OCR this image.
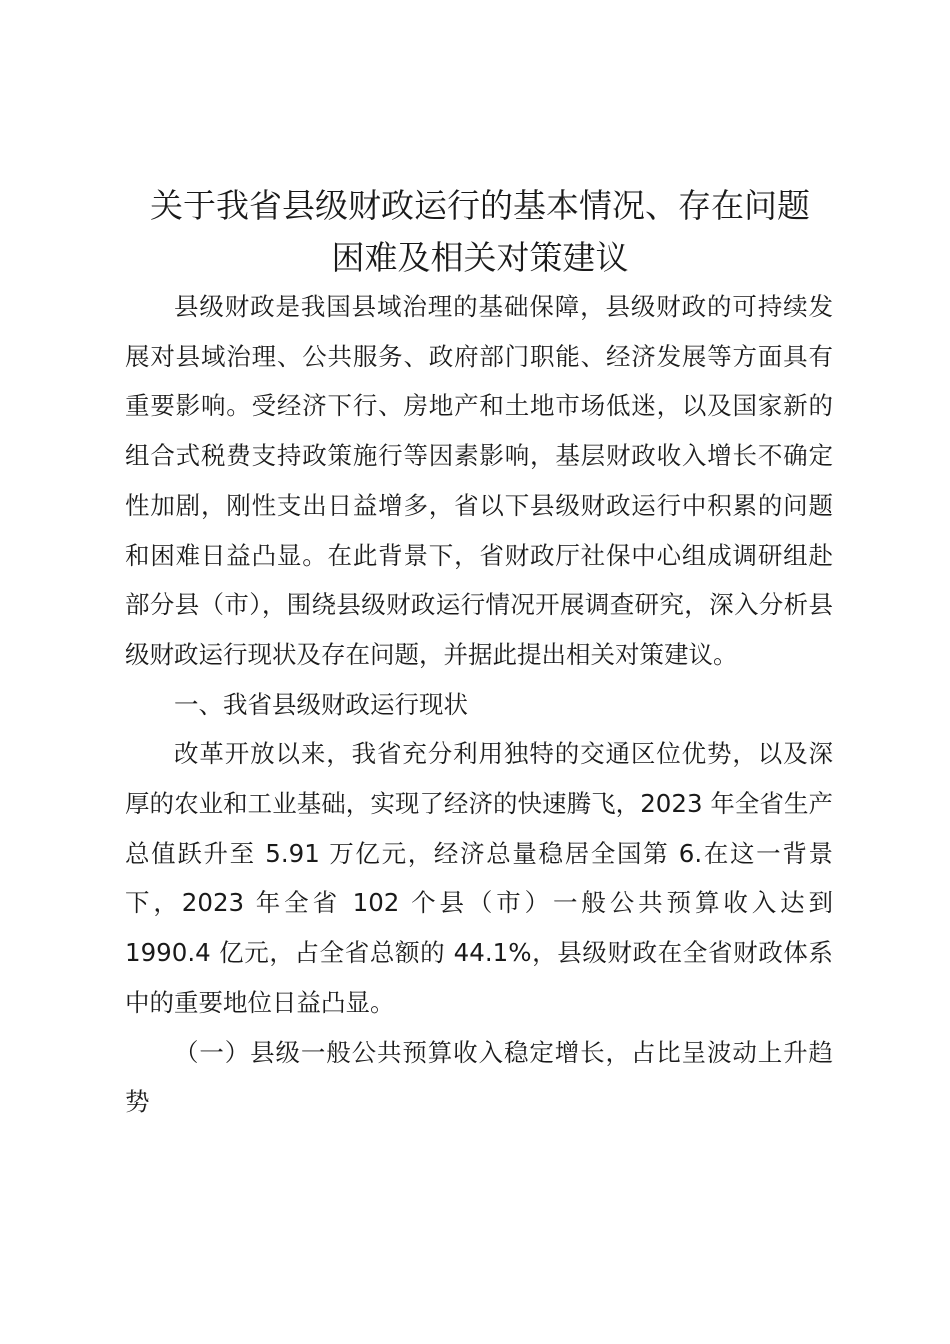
关于我省县级财政运行的基本情况、存在问题
困难及相关对策建议

县级财政是我国县域治理的基础保障，县级财政的可持续发展对县域治理、公共服务、政府部门职能、经济发展等方面具有重要影响。受经济下行、房地产和土地市场低迷，以及国家新的组合式税费支持政策施行等因素影响，基层财政收入增长不确定性加剧，刚性支出日益增多，省以下县级财政运行中积累的问题和困难日益凸显。在此背景下，省财政厅社保中心组成调研组赴部分县（市），围绕县级财政运行情况开展调查研究，深入分析县级财政运行现状及存在问题，并据此提出相关对策建议。

一、我省县级财政运行现状

改革开放以来，我省充分利用独特的交通区位优势，以及深厚的农业和工业基础，实现了经济的快速腾飞，2023 年全省生产总值跃升至 5.91 万亿元，经济总量稳居全国第 6.在这一背景下，2023 年全省 102 个县（市）一般公共预算收入达到 1990.4 亿元，占全省总额的 44.1%，县级财政在全省财政体系中的重要地位日益凸显。

（一）县级一般公共预算收入稳定增长，占比呈波动上升趋势
